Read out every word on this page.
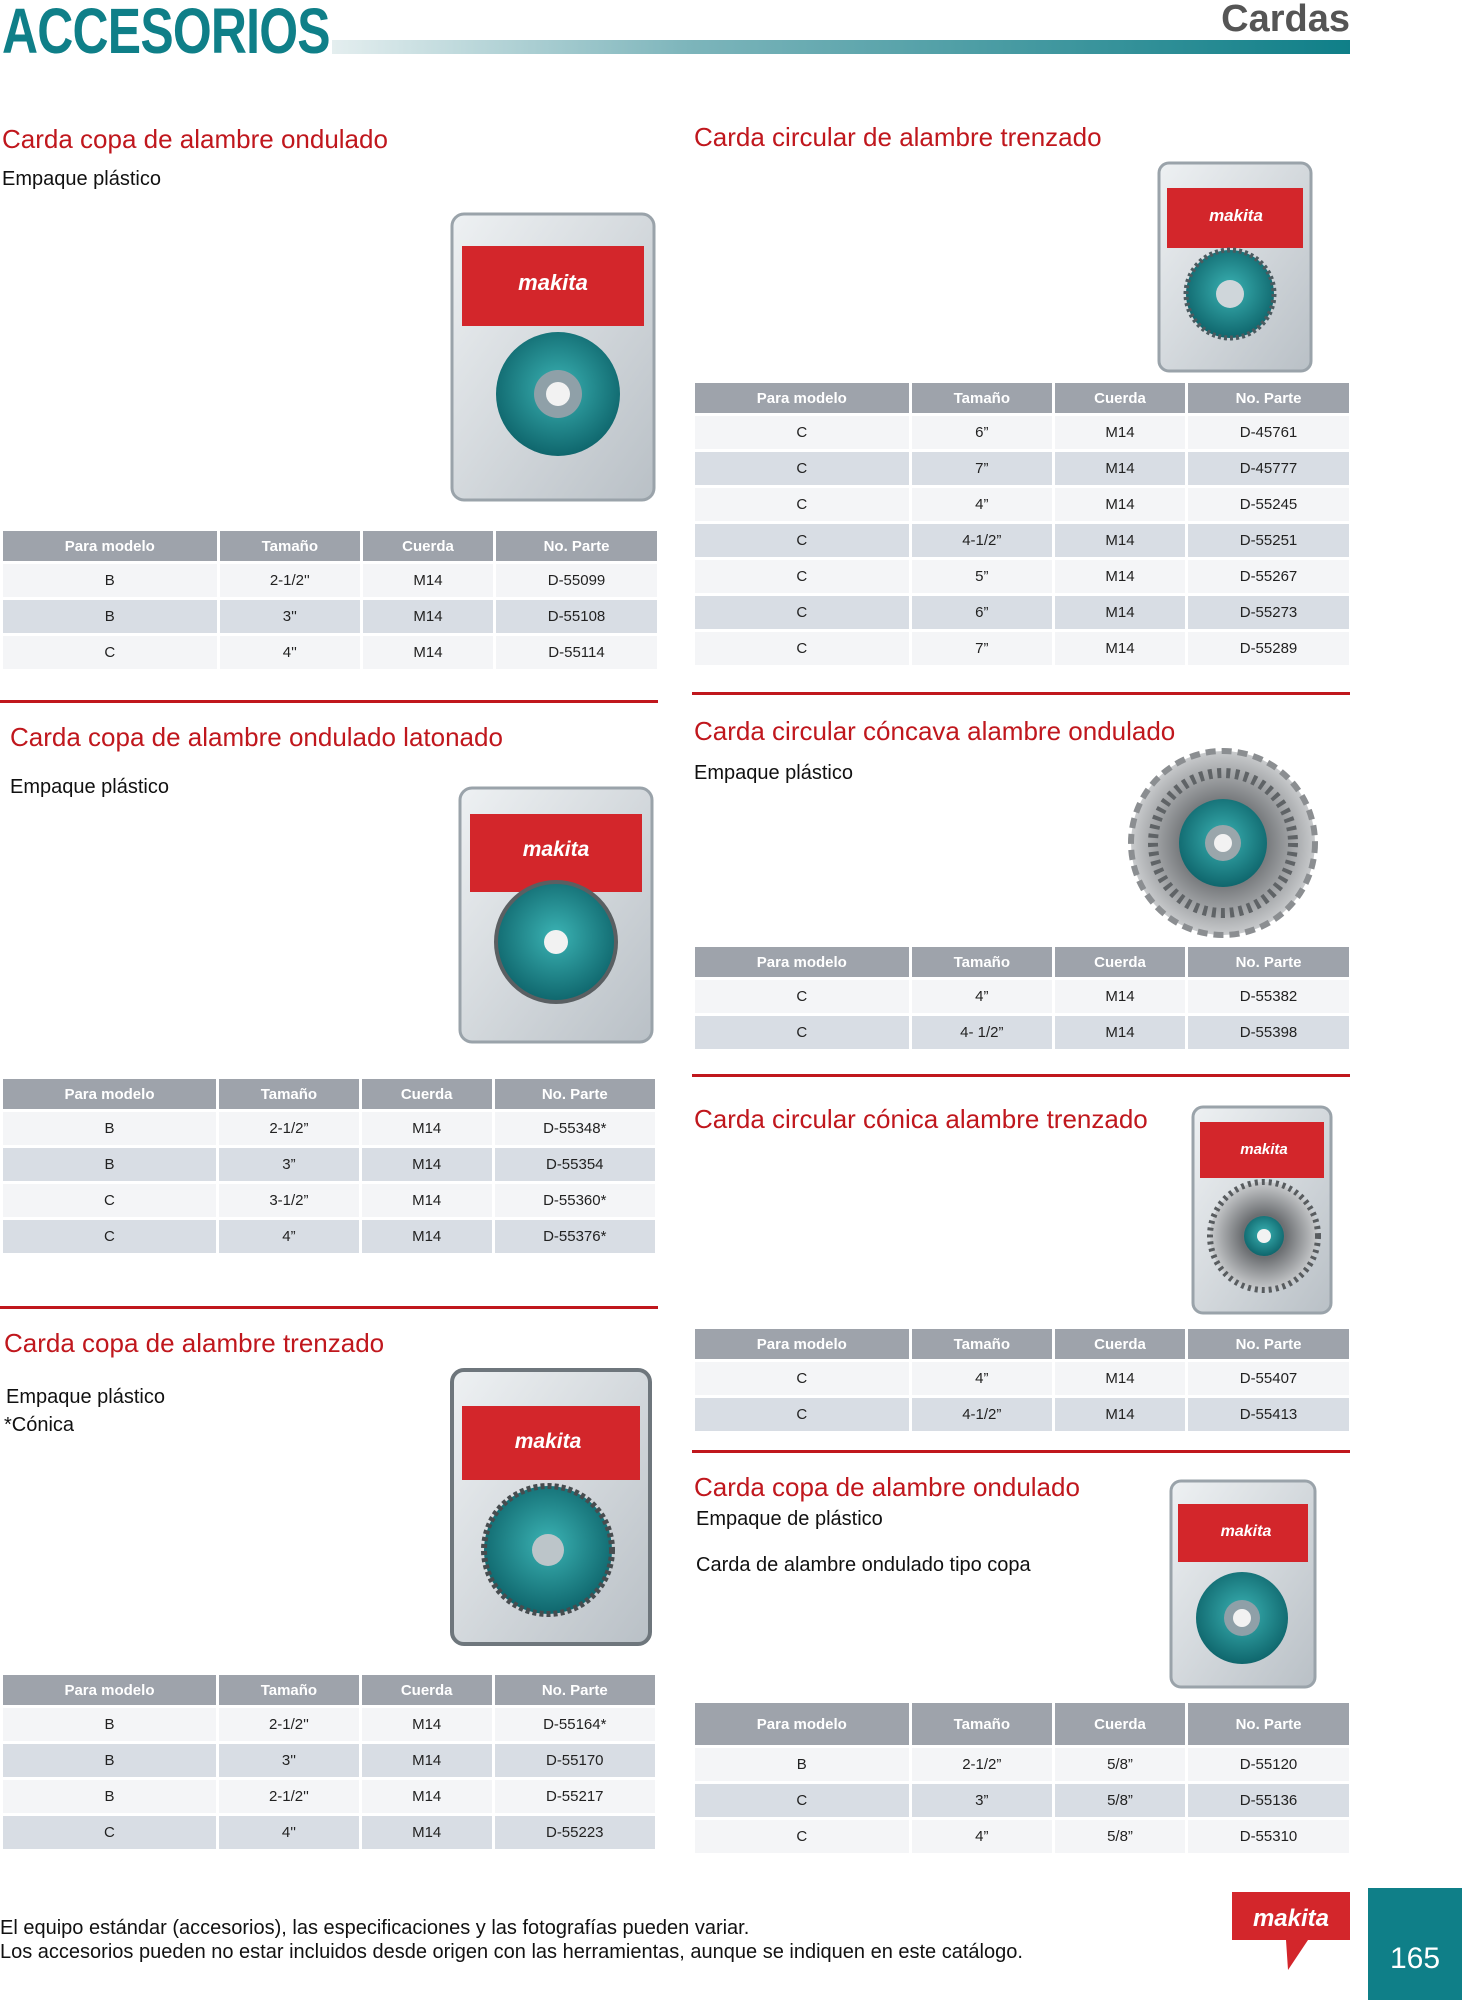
ACCESORIOS	Cardas
Carda copa de alambre ondulado
Empaque plástico
makita
Para modelo	Tamaño	Cuerda	No. Parte
B	2-1/2''	M14	D-55099
B	3''	M14	D-55108
C	4''	M14	D-55114
Carda circular de alambre trenzado
makita
Para modelo	Tamaño	Cuerda	No. Parte
C	6”	M14	D-45761
C	7”	M14	D-45777
C	4”	M14	D-55245
C	4-1/2”	M14	D-55251
C	5”	M14	D-55267
C	6”	M14	D-55273
C	7”	M14	D-55289
Carda copa de alambre ondulado latonado
Empaque plástico
makita
Para modelo	Tamaño	Cuerda	No. Parte
B	2-1/2”	M14	D-55348*
B	3”	M14	D-55354
C	3-1/2”	M14	D-55360*
C	4”	M14	D-55376*
Carda circular cóncava alambre ondulado
Empaque plástico
Para modelo	Tamaño	Cuerda	No. Parte
C	4”	M14	D-55382
C	4- 1/2”	M14	D-55398
Carda circular cónica alambre trenzado
makita
Para modelo	Tamaño	Cuerda	No. Parte
C	4”	M14	D-55407
C	4-1/2”	M14	D-55413
Carda copa de alambre trenzado
Empaque plástico
*Cónica
makita
Para modelo	Tamaño	Cuerda	No. Parte
B	2-1/2''	M14	D-55164*
B	3''	M14	D-55170
B	2-1/2''	M14	D-55217
C	4''	M14	D-55223
Carda copa de alambre ondulado
Empaque de plástico
Carda de alambre ondulado tipo copa
makita
Para modelo	Tamaño	Cuerda	No. Parte
B	2-1/2”	5/8”	D-55120
C	3”	5/8”	D-55136
C	4”	5/8”	D-55310
El equipo estándar (accesorios), las especificaciones y las fotografías pueden variar.
Los accesorios pueden no estar incluidos desde origen con las herramientas, aunque se indiquen en este catálogo.
makita
165
